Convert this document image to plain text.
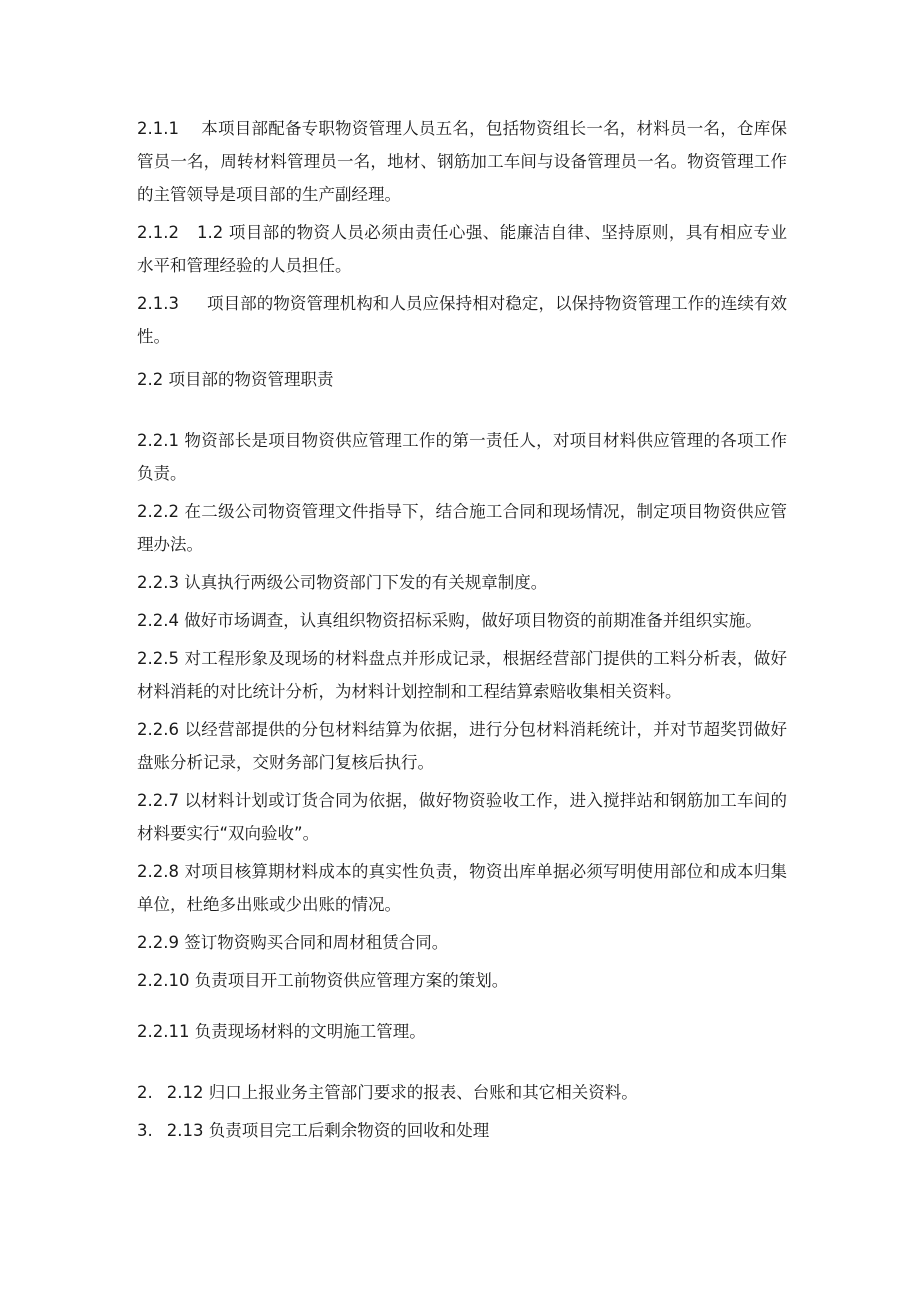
2.1.1 本项目部配备专职物资管理人员五名，包括物资组长一名，材料员一名，仓库保管员一名，周转材料管理员一名，地材、钢筋加工车间与设备管理员一名。物资管理工作的主管领导是项目部的生产副经理。

2.1.2 1.2 项目部的物资人员必须由责任心强、能廉洁自律、坚持原则，具有相应专业水平和管理经验的人员担任。

2.1.3 项目部的物资管理机构和人员应保持相对稳定，以保持物资管理工作的连续有效性。

2.2 项目部的物资管理职责

2.2.1 物资部长是项目物资供应管理工作的第一责任人，对项目材料供应管理的各项工作负责。

2.2.2 在二级公司物资管理文件指导下，结合施工合同和现场情况，制定项目物资供应管理办法。

2.2.3 认真执行两级公司物资部门下发的有关规章制度。

2.2.4 做好市场调查，认真组织物资招标采购，做好项目物资的前期准备并组织实施。

2.2.5 对工程形象及现场的材料盘点并形成记录，根据经营部门提供的工料分析表，做好材料消耗的对比统计分析，为材料计划控制和工程结算索赔收集相关资料。

2.2.6 以经营部提供的分包材料结算为依据，进行分包材料消耗统计，并对节超奖罚做好盘账分析记录，交财务部门复核后执行。

2.2.7 以材料计划或订货合同为依据，做好物资验收工作，进入搅拌站和钢筋加工车间的材料要实行“双向验收”。

2.2.8 对项目核算期材料成本的真实性负责，物资出库单据必须写明使用部位和成本归集单位，杜绝多出账或少出账的情况。

2.2.9 签订物资购买合同和周材租赁合同。

2.2.10 负责项目开工前物资供应管理方案的策划。

2.2.11 负责现场材料的文明施工管理。

2. 2.12 归口上报业务主管部门要求的报表、台账和其它相关资料。

3. 2.13 负责项目完工后剩余物资的回收和处理
